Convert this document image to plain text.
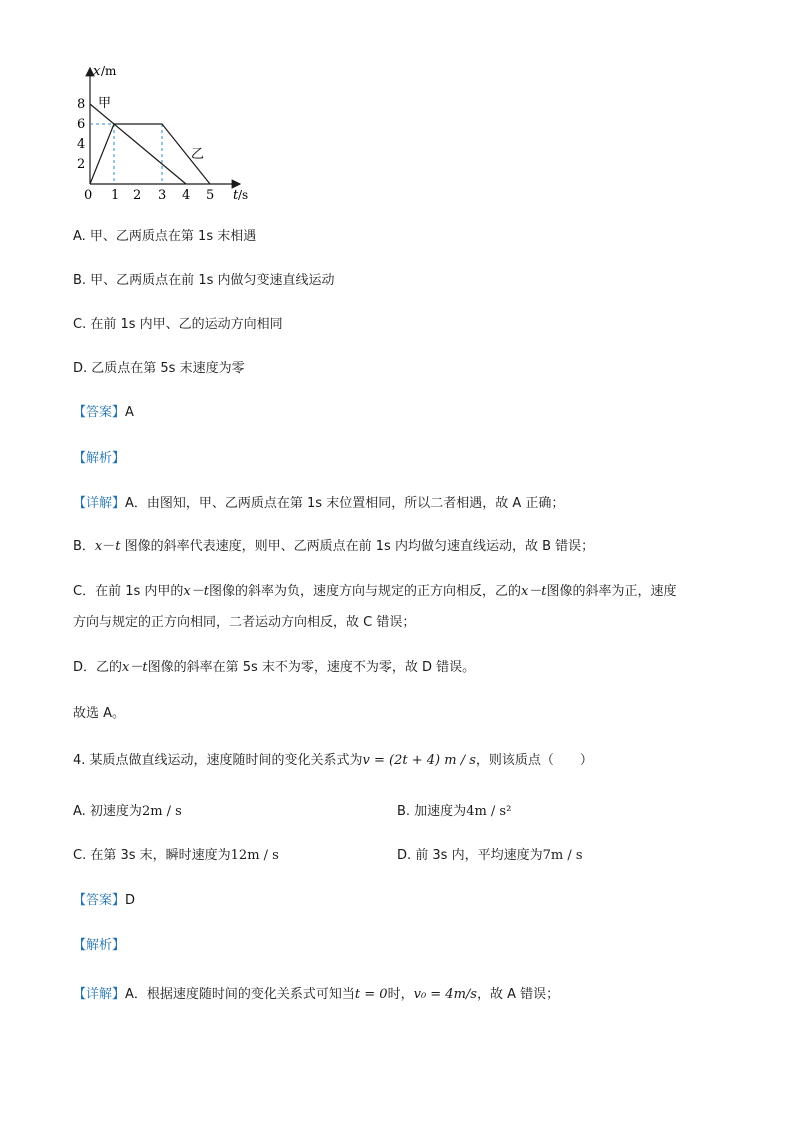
x /m
t /s
8
6
4
2
0 1 2 3 4 5
甲
乙
A. 甲、乙两质点在第 1s 末相遇
B. 甲、乙两质点在前 1s 内做匀变速直线运动
C. 在前 1s 内甲、乙的运动方向相同
D. 乙质点在第 5s 末速度为零
【答案】A
【解析】
【详解】A．由图知，甲、乙两质点在第 1s 末位置相同，所以二者相遇，故 A 正确；
B．x－t 图像的斜率代表速度，则甲、乙两质点在前 1s 内均做匀速直线运动，故 B 错误；
C．在前 1s 内甲的x－t图像的斜率为负，速度方向与规定的正方向相反，乙的x－t图像的斜率为正，速度
方向与规定的正方向相同，二者运动方向相反，故 C 错误；
D．乙的x－t图像的斜率在第 5s 末不为零，速度不为零，故 D 错误。
故选 A。
4. 某质点做直线运动，速度随时间的变化关系式为v = (2t + 4) m / s，则该质点（　　）
A. 初速度为2m / s	B. 加速度为4m / s²
C. 在第 3s 末，瞬时速度为12m / s	D. 前 3s 内，平均速度为7m / s
【答案】D
【解析】
【详解】A．根据速度随时间的变化关系式可知当t = 0时，v₀ = 4m/s，故 A 错误；
